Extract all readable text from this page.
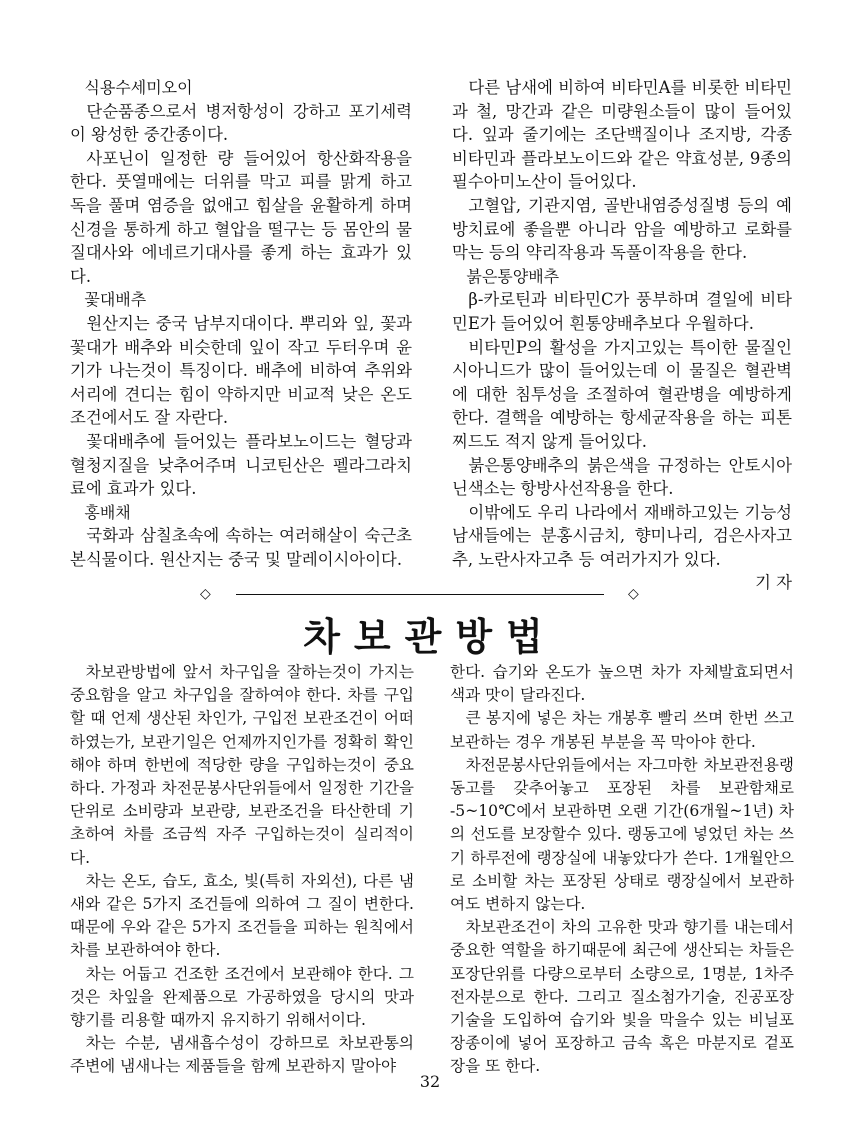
식용수세미오이

단순품종으로서 병저항성이 강하고 포기세력이 왕성한 중간종이다.

사포닌이 일정한 량 들어있어 항산화작용을 한다. 풋열매에는 더위를 막고 피를 맑게 하고 독을 풀며 염증을 없애고 힘살을 윤활하게 하며 신경을 통하게 하고 혈압을 떨구는 등 몸안의 물질대사와 에네르기대사를 좋게 하는 효과가 있다.

꽃대배추

원산지는 중국 남부지대이다. 뿌리와 잎, 꽃과 꽃대가 배추와 비슷한데 잎이 작고 두터우며 윤기가 나는것이 특징이다. 배추에 비하여 추위와 서리에 견디는 힘이 약하지만 비교적 낮은 온도조건에서도 잘 자란다.

꽃대배추에 들어있는 플라보노이드는 혈당과 혈청지질을 낮추어주며 니코틴산은 펠라그라치료에 효과가 있다.

홍배채

국화과 삼칠초속에 속하는 여러해살이 숙근초본식물이다. 원산지는 중국 및 말레이시아이다.

다른 남새에 비하여 비타민A를 비롯한 비타민과 철, 망간과 같은 미량원소들이 많이 들어있다. 잎과 줄기에는 조단백질이나 조지방, 각종 비타민과 플라보노이드와 같은 약효성분, 9종의 필수아미노산이 들어있다.

고혈압, 기관지염, 골반내염증성질병 등의 예방치료에 좋을뿐 아니라 암을 예방하고 로화를 막는 등의 약리작용과 독풀이작용을 한다.

붉은통양배추

β-카로틴과 비타민C가 풍부하며 결일에 비타민E가 들어있어 흰통양배추보다 우월하다.

비타민P의 활성을 가지고있는 특이한 물질인 시아니드가 많이 들어있는데 이 물질은 혈관벽에 대한 침투성을 조절하여 혈관병을 예방하게 한다. 결핵을 예방하는 항세균작용을 하는 피톤찌드도 적지 않게 들어있다.

붉은통양배추의 붉은색을 규정하는 안토시아닌색소는 항방사선작용을 한다.

이밖에도 우리 나라에서 재배하고있는 기능성남새들에는 분홍시금치, 향미나리, 검은사자고추, 노란사자고추 등 여러가지가 있다.

기 자

◇	◇
차보관방법

차보관방법에 앞서 차구입을 잘하는것이 가지는 중요함을 알고 차구입을 잘하여야 한다. 차를 구입할 때 언제 생산된 차인가, 구입전 보관조건이 어떠하였는가, 보관기일은 언제까지인가를 정확히 확인해야 하며 한번에 적당한 량을 구입하는것이 중요하다. 가정과 차전문봉사단위들에서 일정한 기간을 단위로 소비량과 보관량, 보관조건을 타산한데 기초하여 차를 조금씩 자주 구입하는것이 실리적이다.

차는 온도, 습도, 효소, 빛(특히 자외선), 다른 냄새와 같은 5가지 조건들에 의하여 그 질이 변한다. 때문에 우와 같은 5가지 조건들을 피하는 원칙에서 차를 보관하여야 한다.

차는 어둡고 건조한 조건에서 보관해야 한다. 그것은 차잎을 완제품으로 가공하였을 당시의 맛과 향기를 리용할 때까지 유지하기 위해서이다.

차는 수분, 냄새흡수성이 강하므로 차보관통의 주변에 냄새나는 제품들을 함께 보관하지 말아야

한다. 습기와 온도가 높으면 차가 자체발효되면서 색과 맛이 달라진다.

큰 봉지에 넣은 차는 개봉후 빨리 쓰며 한번 쓰고 보관하는 경우 개봉된 부분을 꼭 막아야 한다.

차전문봉사단위들에서는 자그마한 차보관전용랭동고를 갖추어놓고 포장된 차를 보관함채로 -5~10℃에서 보관하면 오랜 기간(6개월~1년) 차의 선도를 보장할수 있다. 랭동고에 넣었던 차는 쓰기 하루전에 랭장실에 내놓았다가 쓴다. 1개월안으로 소비할 차는 포장된 상태로 랭장실에서 보관하여도 변하지 않는다.

차보관조건이 차의 고유한 맛과 향기를 내는데서 중요한 역할을 하기때문에 최근에 생산되는 차들은 포장단위를 다량으로부터 소량으로, 1명분, 1차주전자분으로 한다. 그리고 질소첨가기술, 진공포장기술을 도입하여 습기와 빛을 막을수 있는 비닐포장종이에 넣어 포장하고 금속 혹은 마분지로 겉포장을 또 한다.

32
